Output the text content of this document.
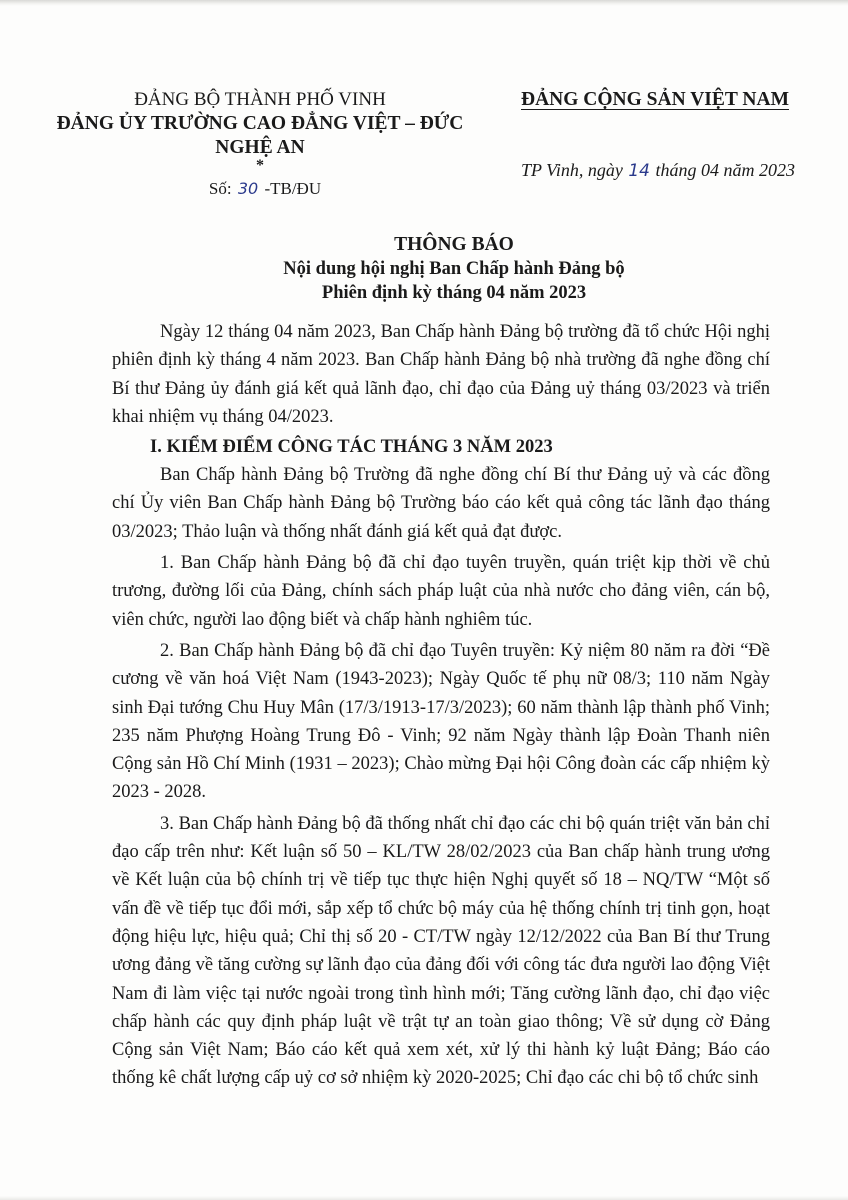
ĐẢNG BỘ THÀNH PHỐ VINH
ĐẢNG ỦY TRƯỜNG CAO ĐẲNG VIỆT – ĐỨC
NGHỆ AN
*
Số: 30 -TB/ĐU
ĐẢNG CỘNG SẢN VIỆT NAM
TP Vinh, ngày 14 tháng 04 năm 2023
THÔNG BÁO
Nội dung hội nghị Ban Chấp hành Đảng bộ
Phiên định kỳ tháng 04 năm 2023

Ngày 12 tháng 04 năm 2023, Ban Chấp hành Đảng bộ trường đã tổ chức Hội nghị phiên định kỳ tháng 4 năm 2023. Ban Chấp hành Đảng bộ nhà trường đã nghe đồng chí Bí thư Đảng ủy đánh giá kết quả lãnh đạo, chỉ đạo của Đảng uỷ tháng 03/2023 và triển khai nhiệm vụ tháng 04/2023.

I. KIỂM ĐIỂM CÔNG TÁC THÁNG 3 NĂM 2023

Ban Chấp hành Đảng bộ Trường đã nghe đồng chí Bí thư Đảng uỷ và các đồng chí Ủy viên Ban Chấp hành Đảng bộ Trường báo cáo kết quả công tác lãnh đạo tháng 03/2023; Thảo luận và thống nhất đánh giá kết quả đạt được.

1. Ban Chấp hành Đảng bộ đã chỉ đạo tuyên truyền, quán triệt kịp thời về chủ trương, đường lối của Đảng, chính sách pháp luật của nhà nước cho đảng viên, cán bộ, viên chức, người lao động biết và chấp hành nghiêm túc.

2. Ban Chấp hành Đảng bộ đã chỉ đạo Tuyên truyền: Kỷ niệm 80 năm ra đời “Đề cương về văn hoá Việt Nam (1943-2023); Ngày Quốc tế phụ nữ 08/3; 110 năm Ngày sinh Đại tướng Chu Huy Mân (17/3/1913-17/3/2023); 60 năm thành lập thành phố Vinh; 235 năm Phượng Hoàng Trung Đô - Vinh; 92 năm Ngày thành lập Đoàn Thanh niên Cộng sản Hồ Chí Minh (1931 – 2023); Chào mừng Đại hội Công đoàn các cấp nhiệm kỳ 2023 - 2028.

3. Ban Chấp hành Đảng bộ đã thống nhất chỉ đạo các chi bộ quán triệt văn bản chỉ đạo cấp trên như: Kết luận số 50 – KL/TW 28/02/2023 của Ban chấp hành trung ương về Kết luận của bộ chính trị về tiếp tục thực hiện Nghị quyết số 18 – NQ/TW “Một số vấn đề về tiếp tục đổi mới, sắp xếp tổ chức bộ máy của hệ thống chính trị tinh gọn, hoạt động hiệu lực, hiệu quả; Chỉ thị số 20 - CT/TW ngày 12/12/2022 của Ban Bí thư Trung ương đảng về tăng cường sự lãnh đạo của đảng đối với công tác đưa người lao động Việt Nam đi làm việc tại nước ngoài trong tình hình mới; Tăng cường lãnh đạo, chỉ đạo việc chấp hành các quy định pháp luật về trật tự an toàn giao thông; Về sử dụng cờ Đảng Cộng sản Việt Nam; Báo cáo kết quả xem xét, xử lý thi hành kỷ luật Đảng; Báo cáo thống kê chất lượng cấp uỷ cơ sở nhiệm kỳ 2020-2025; Chỉ đạo các chi bộ tổ chức sinh
